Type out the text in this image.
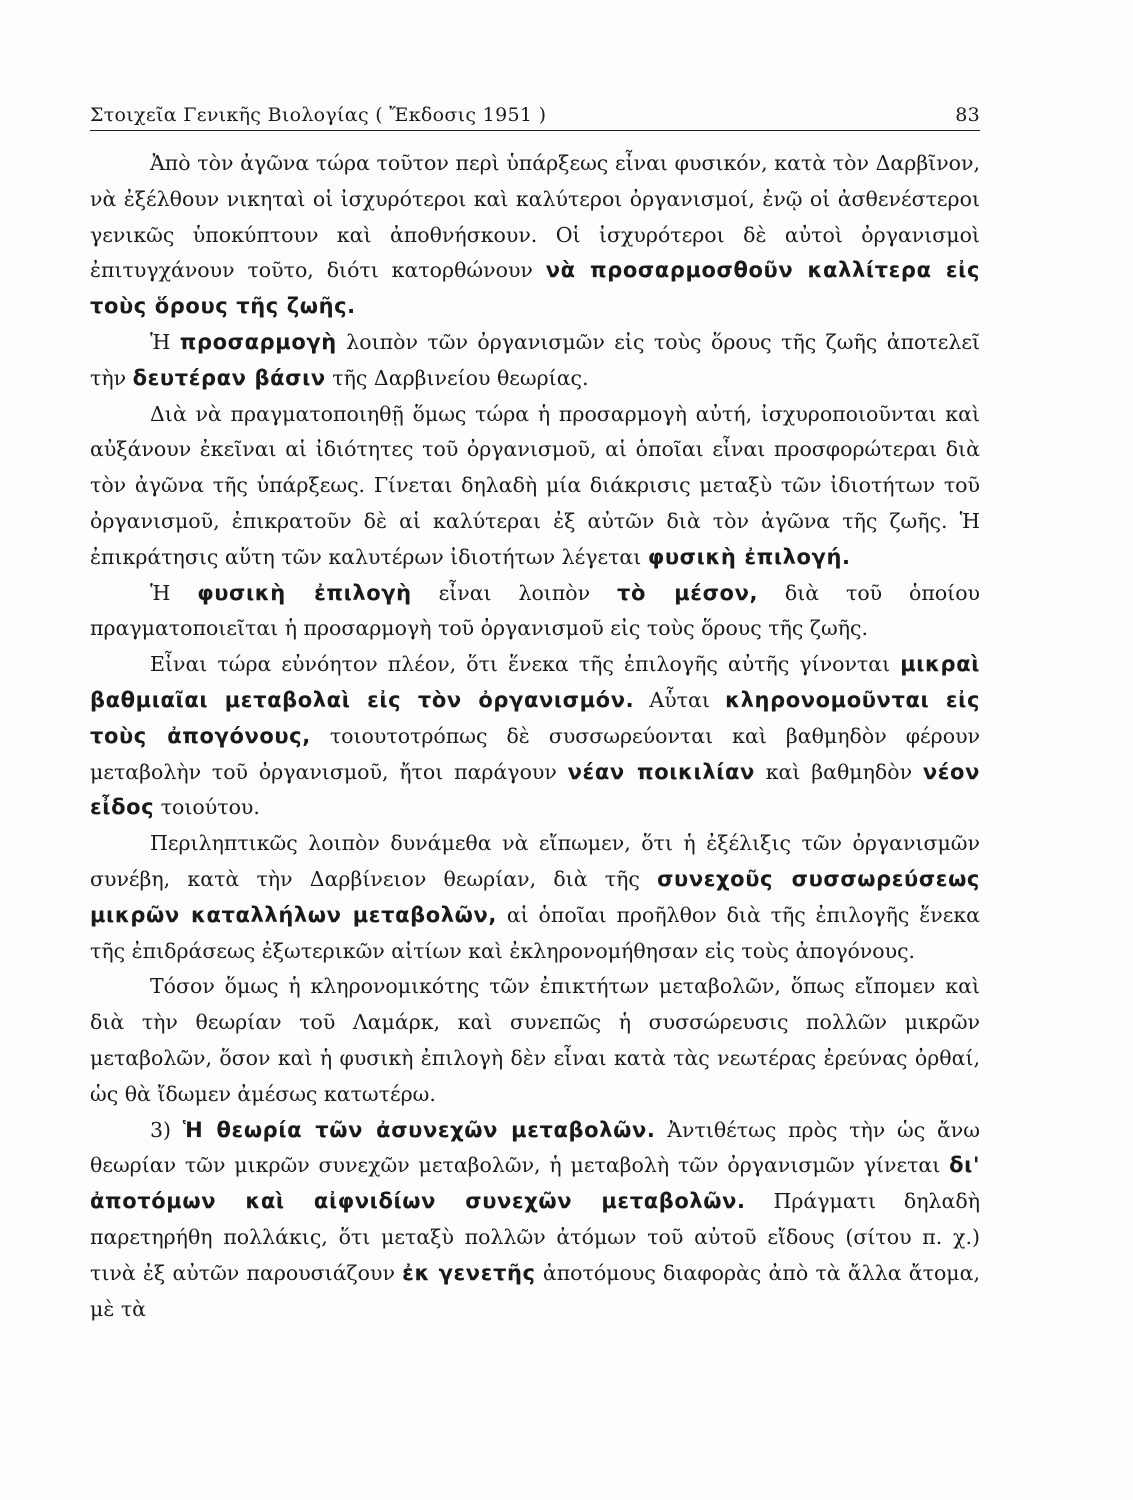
Στοιχεῖα Γενικῆς Βιολογίας ( Ἔκδοσις 1951 )	83

Ἀπὸ τὸν ἀγῶνα τώρα τοῦτον περὶ ὑπάρξεως εἶναι φυσικόν, κατὰ τὸν Δαρβῖνον, νὰ ἐξέλθουν νικηταὶ οἱ ἰσχυρότεροι καὶ καλύτεροι ὀργανισμοί, ἐνῷ οἱ ἀσθενέστεροι γενικῶς ὑποκύπτουν καὶ ἀποθνήσκουν. Οἱ ἰσχυρότεροι δὲ αὐτοὶ ὀργανισμοὶ ἐπιτυγχάνουν τοῦτο, διότι κατορθώνουν νὰ προσαρμοσθοῦν καλλίτερα εἰς τοὺς ὅρους τῆς ζωῆς.

Ἡ προσαρμογὴ λοιπὸν τῶν ὀργανισμῶν εἰς τοὺς ὅρους τῆς ζωῆς ἀποτελεῖ τὴν δευτέραν βάσιν τῆς Δαρβινείου θεωρίας.

Διὰ νὰ πραγματοποιηθῇ ὅμως τώρα ἡ προσαρμογὴ αὐτή, ἰσχυροποιοῦνται καὶ αὐξάνουν ἐκεῖναι αἱ ἰδιότητες τοῦ ὀργανισμοῦ, αἱ ὁποῖαι εἶναι προσφορώτεραι διὰ τὸν ἀγῶνα τῆς ὑπάρξεως. Γίνεται δηλαδὴ μία διάκρισις μεταξὺ τῶν ἰδιοτήτων τοῦ ὀργανισμοῦ, ἐπικρατοῦν δὲ αἱ καλύτεραι ἐξ αὐτῶν διὰ τὸν ἀγῶνα τῆς ζωῆς. Ἡ ἐπικράτησις αὕτη τῶν καλυτέρων ἰδιοτήτων λέγεται φυσικὴ ἐπιλογή.

Ἡ φυσικὴ ἐπιλογὴ εἶναι λοιπὸν τὸ μέσον, διὰ τοῦ ὁποίου πραγματοποιεῖται ἡ προσαρμογὴ τοῦ ὀργανισμοῦ εἰς τοὺς ὅρους τῆς ζωῆς.

Εἶναι τώρα εὐνόητον πλέον, ὅτι ἕνεκα τῆς ἐπιλογῆς αὐτῆς γίνονται μικραὶ βαθμιαῖαι μεταβολαὶ εἰς τὸν ὀργανισμόν. Αὗται κληρονομοῦνται εἰς τοὺς ἀπογόνους, τοιουτοτρόπως δὲ συσσωρεύονται καὶ βαθμηδὸν φέρουν μεταβολὴν τοῦ ὀργανισμοῦ, ἤτοι παράγουν νέαν ποικιλίαν καὶ βαθμηδὸν νέον εἶδος τοιούτου.

Περιληπτικῶς λοιπὸν δυνάμεθα νὰ εἴπωμεν, ὅτι ἡ ἐξέλιξις τῶν ὀργανισμῶν συνέβη, κατὰ τὴν Δαρβίνειον θεωρίαν, διὰ τῆς συνεχοῦς συσσωρεύσεως μικρῶν καταλλήλων μεταβολῶν, αἱ ὁποῖαι προῆλθον διὰ τῆς ἐπιλογῆς ἕνεκα τῆς ἐπιδράσεως ἐξωτερικῶν αἰτίων καὶ ἐκληρονομήθησαν εἰς τοὺς ἀπογόνους.

Τόσον ὅμως ἡ κληρονομικότης τῶν ἐπικτήτων μεταβολῶν, ὅπως εἴπομεν καὶ διὰ τὴν θεωρίαν τοῦ Λαμάρκ, καὶ συνεπῶς ἡ συσσώρευσις πολλῶν μικρῶν μεταβολῶν, ὅσον καὶ ἡ φυσικὴ ἐπιλογὴ δὲν εἶναι κατὰ τὰς νεωτέρας ἐρεύνας ὀρθαί, ὡς θὰ ἴδωμεν ἀμέσως κατωτέρω.

3) Ἡ θεωρία τῶν ἀσυνεχῶν μεταβολῶν. Ἀντιθέτως πρὸς τὴν ὡς ἄνω θεωρίαν τῶν μικρῶν συνεχῶν μεταβολῶν, ἡ μεταβολὴ τῶν ὀργανισμῶν γίνεται δι' ἀποτόμων καὶ αἰφνιδίων συνεχῶν μεταβολῶν. Πράγματι δηλαδὴ παρετηρήθη πολλάκις, ὅτι μεταξὺ πολλῶν ἀτόμων τοῦ αὐτοῦ εἴδους (σίτου π. χ.) τινὰ ἐξ αὐτῶν παρουσιάζουν ἐκ γενετῆς ἀποτόμους διαφορὰς ἀπὸ τὰ ἄλλα ἄτομα, μὲ τὰ
